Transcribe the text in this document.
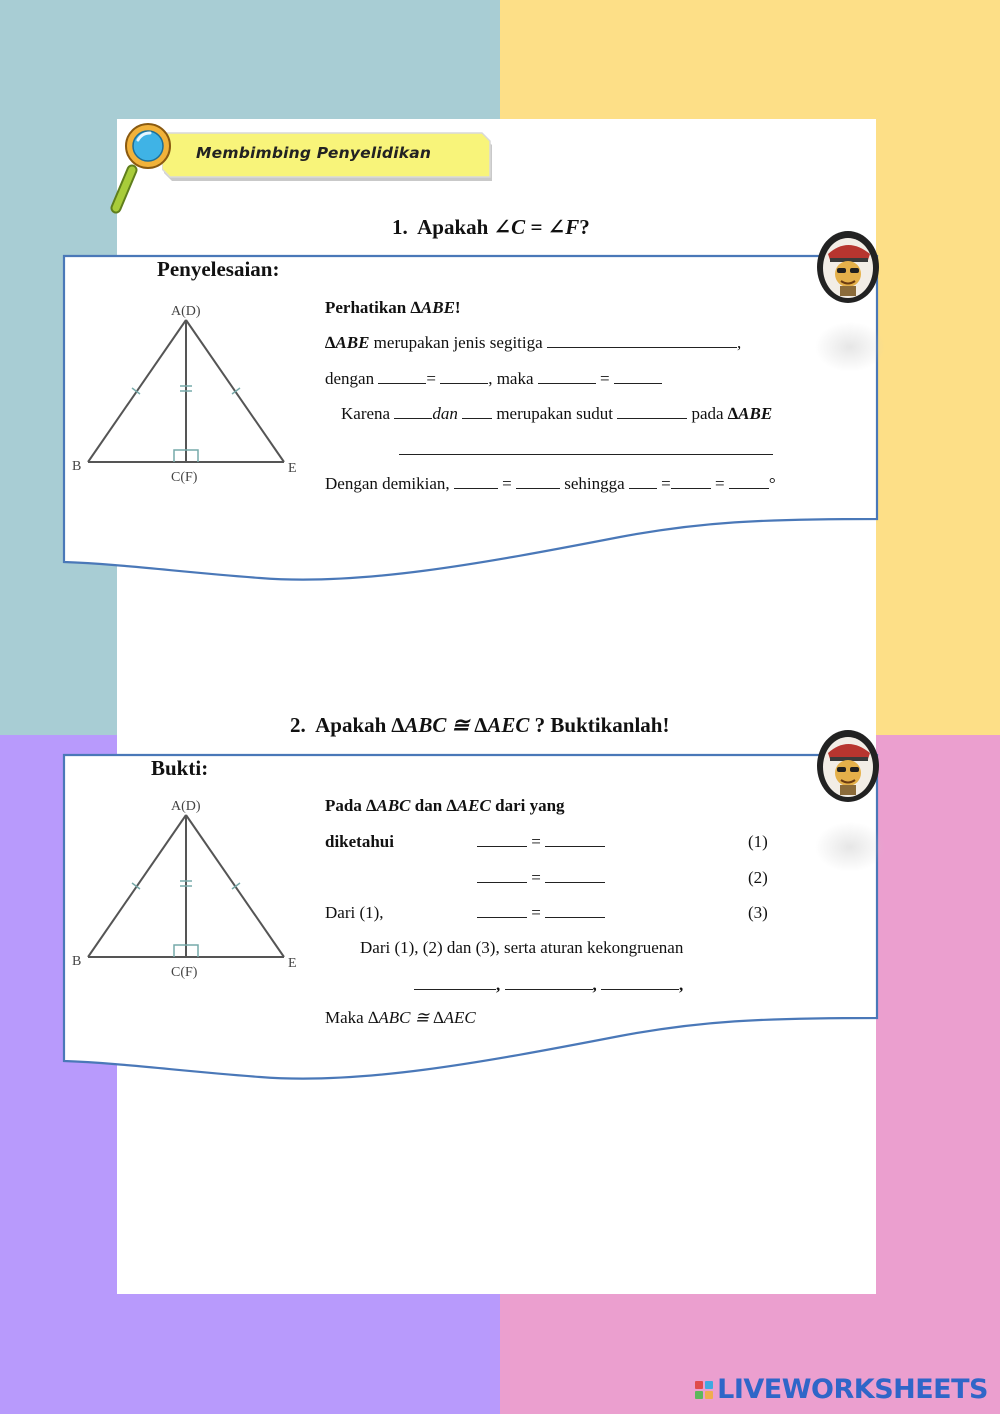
Membimbing Penyelidikan
1. Apakah ∠C = ∠F?
Penyelesaian:
A(D)
B	E
C(F)
Perhatikan ∆ABE!
∆ABE merupakan jenis segitiga	,
dengan	=	, maka	=
Karena dan merupakan sudut	pada ∆ABE
Dengan demikian,	=	sehingga =	=	°
2. Apakah ∆ABC ≅ ∆AEC ? Buktikanlah!
Bukti:
A(D)
B	E
C(F)
Pada ∆ABC dan ∆AEC dari yang
diketahui	=	(1)
=	(2)
Dari (1),	=	(3)
Dari (1), (2) dan (3), serta aturan kekongruenan
,	,	,
Maka ∆ABC ≅ ∆AEC
LIVEWORKSHEETS
